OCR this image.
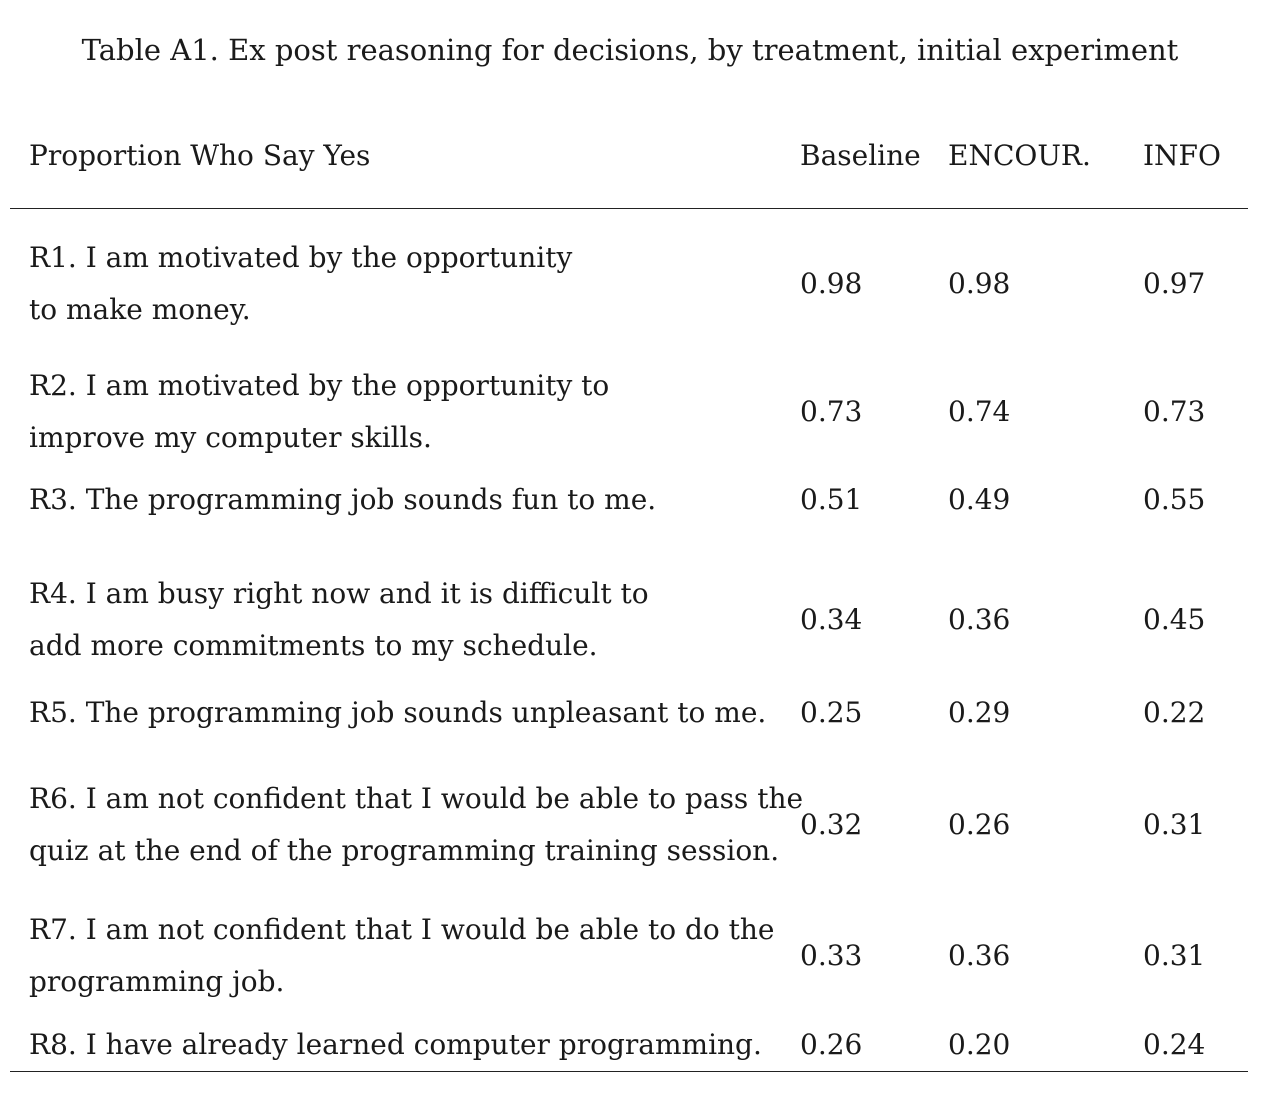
Table A1. Ex post reasoning for decisions, by treatment, initial experiment
Proportion Who Say Yes	Baseline ENCOUR. INFO
R1. I am motivated by the opportunity
to make money.
0.98	0.98	0.97
R2. I am motivated by the opportunity to
improve my computer skills.
0.73	0.74	0.73
R3. The programming job sounds fun to me.	0.51	0.49	0.55
R4. I am busy right now and it is difficult to
add more commitments to my schedule.
0.34	0.36	0.45
R5. The programming job sounds unpleasant to me. 0.25	0.29	0.22
R6. I am not confident that I would be able to pass the
quiz at the end of the programming training session.
0.32	0.26	0.31
R7. I am not confident that I would be able to do the
programming job.
0.33	0.36	0.31
R8. I have already learned computer programming. 0.26	0.20	0.24
